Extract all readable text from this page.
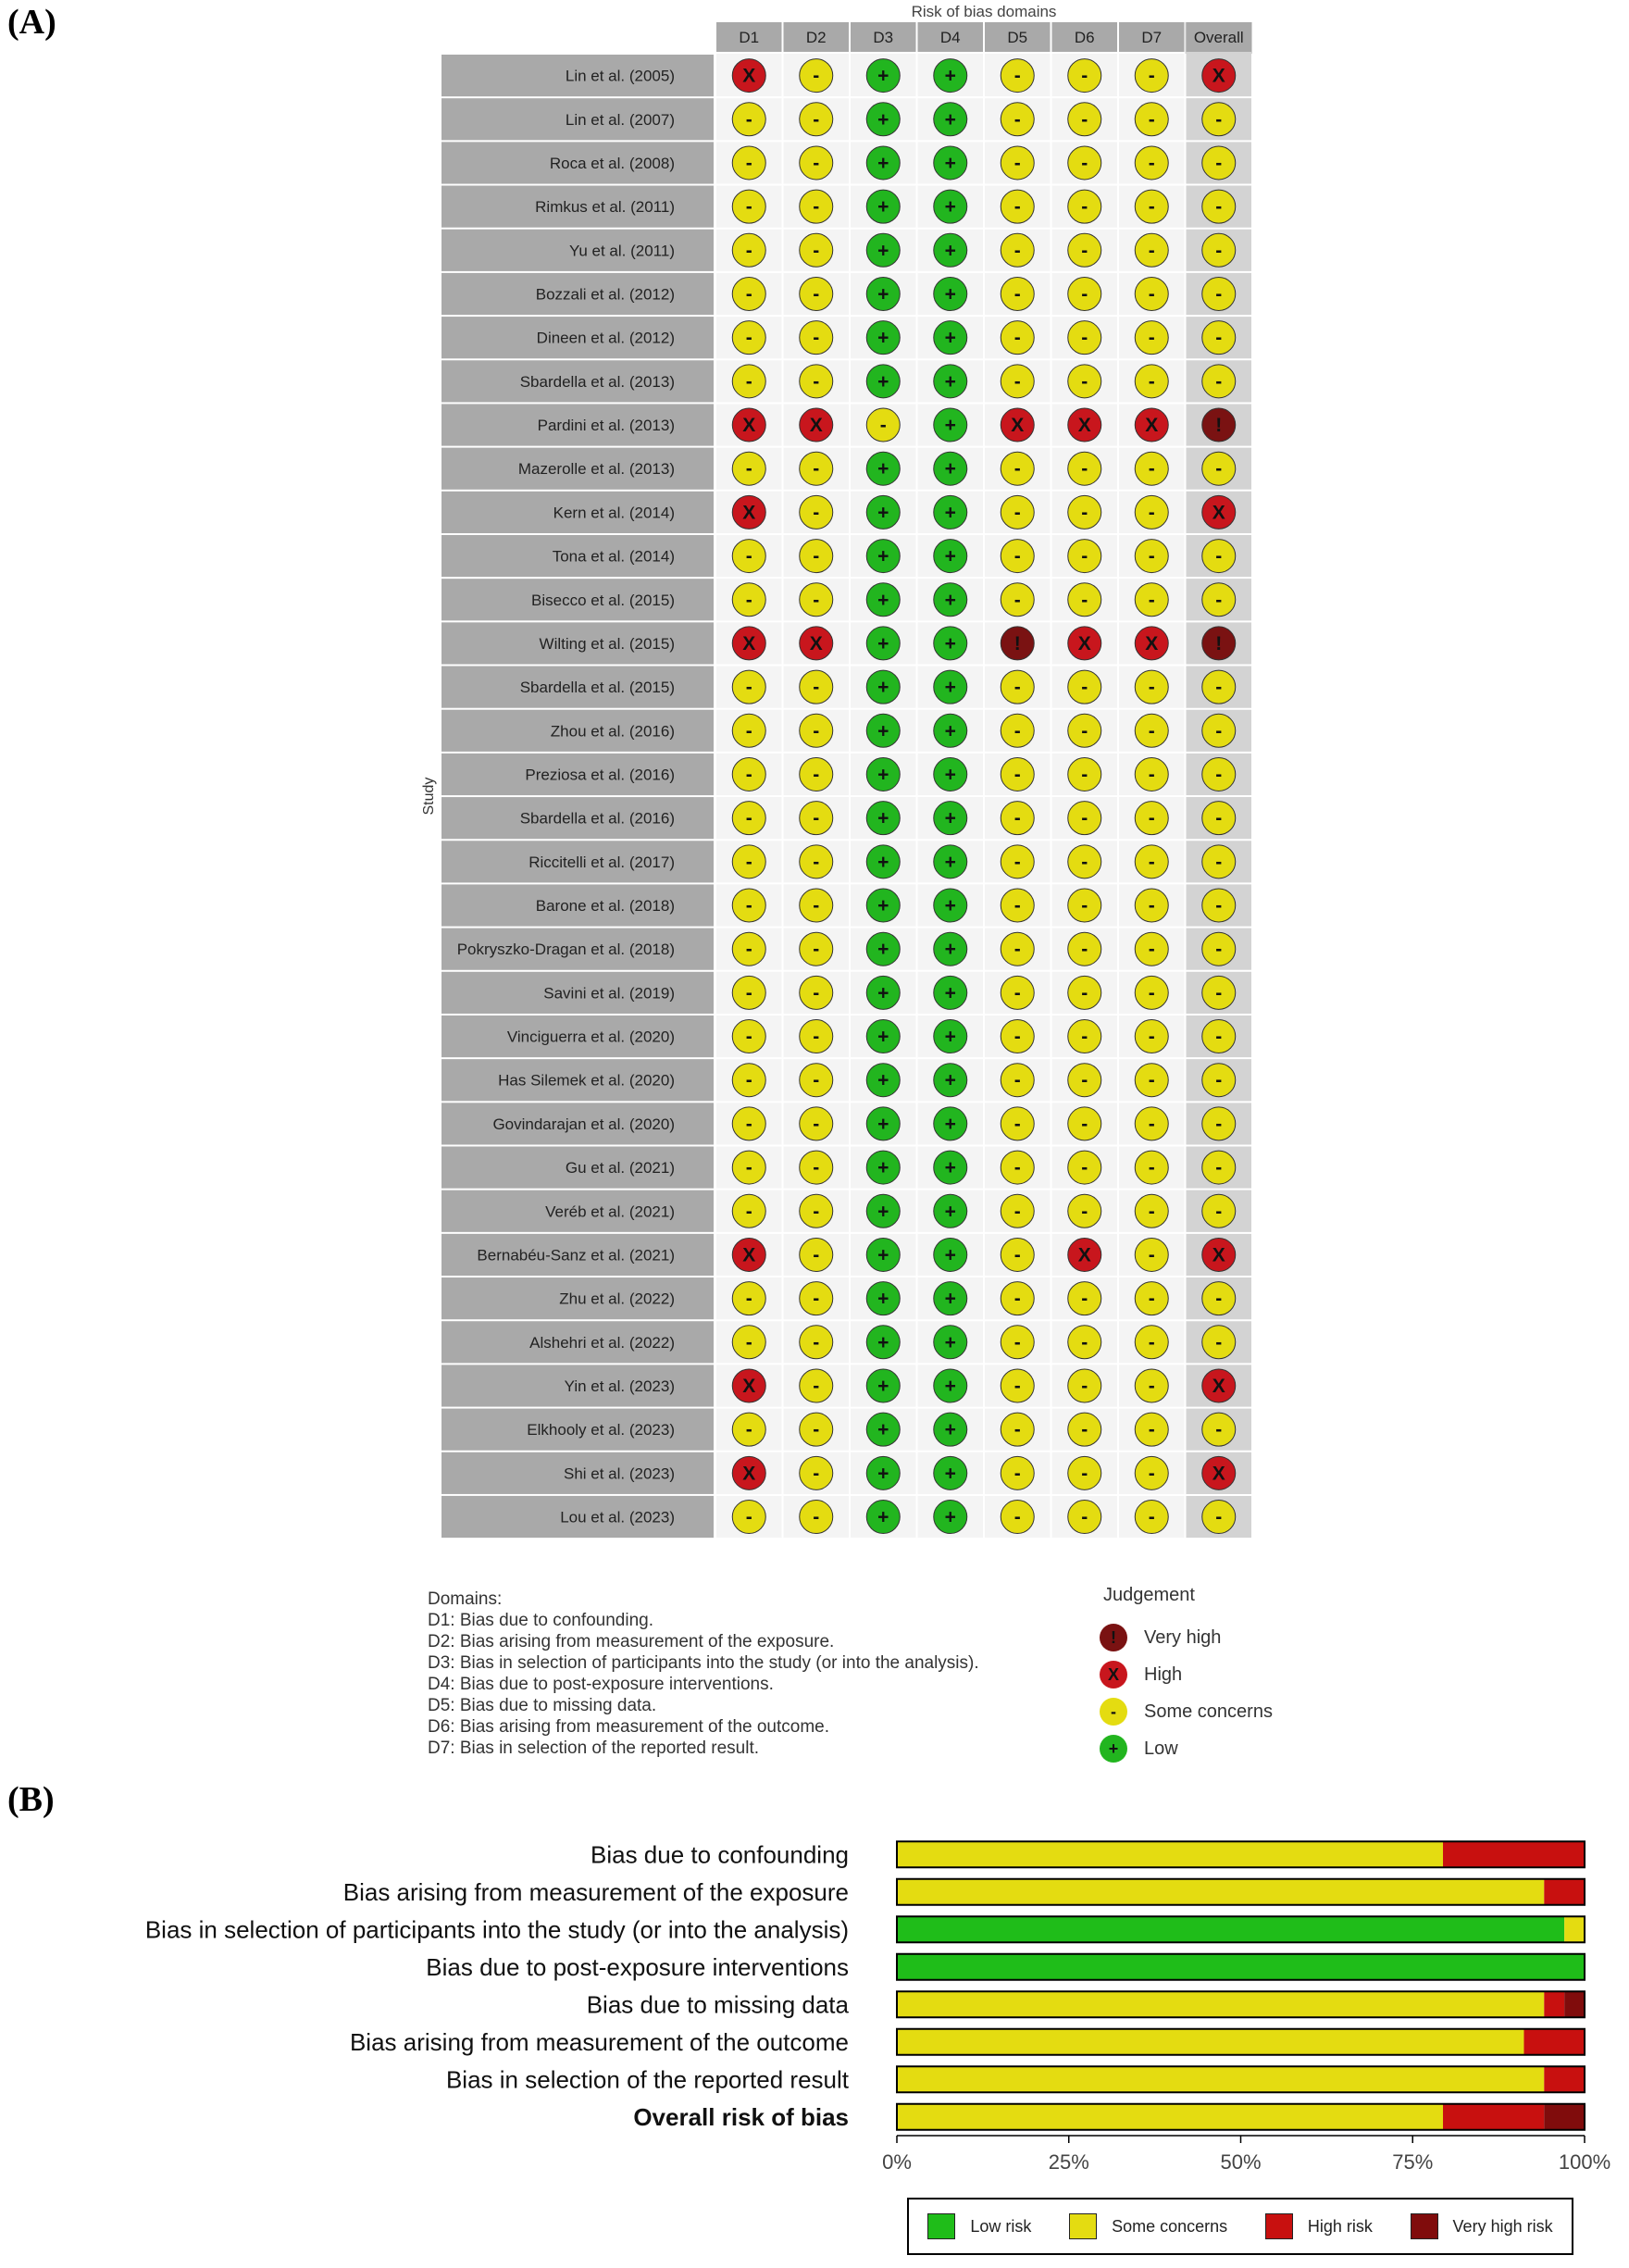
(A)
(B)
Risk of bias domains
D1	D2	D3	D4	D5	D6	D7 Overall
Study
Lin et al. (2005)	X	-	+	+	-	-	-	X
Lin et al. (2007)	-	-	+	+	-	-	-	-
Roca et al. (2008)	-	-	+	+	-	-	-	-
Rimkus et al. (2011)	-	-	+	+	-	-	-	-
Yu et al. (2011)	-	-	+	+	-	-	-	-
Bozzali et al. (2012)	-	-	+	+	-	-	-	-
Dineen et al. (2012)	-	-	+	+	-	-	-	-
Sbardella et al. (2013)	-	-	+	+	-	-	-	-
Pardini et al. (2013)	X	X	-	+	X	X	X	!
Mazerolle et al. (2013)	-	-	+	+	-	-	-	-
Kern et al. (2014)	X	-	+	+	-	-	-	X
Tona et al. (2014)	-	-	+	+	-	-	-	-
Bisecco et al. (2015)	-	-	+	+	-	-	-	-
Wilting et al. (2015)	X	X	+	+	!	X	X	!
Sbardella et al. (2015)	-	-	+	+	-	-	-	-
Zhou et al. (2016)	-	-	+	+	-	-	-	-
Preziosa et al. (2016)	-	-	+	+	-	-	-	-
Sbardella et al. (2016)	-	-	+	+	-	-	-	-
Riccitelli et al. (2017)	-	-	+	+	-	-	-	-
Barone et al. (2018)	-	-	+	+	-	-	-	-
Pokryszko-Dragan et al. (2018)	-	-	+	+	-	-	-	-
Savini et al. (2019)	-	-	+	+	-	-	-	-
Vinciguerra et al. (2020)	-	-	+	+	-	-	-	-
Has Silemek et al. (2020)	-	-	+	+	-	-	-	-
Govindarajan et al. (2020)	-	-	+	+	-	-	-	-
Gu et al. (2021)	-	-	+	+	-	-	-	-
Veréb et al. (2021)	-	-	+	+	-	-	-	-
Bernabéu-Sanz et al. (2021)	X	-	+	+	-	X	-	X
Zhu et al. (2022)	-	-	+	+	-	-	-	-
Alshehri et al. (2022)	-	-	+	+	-	-	-	-
Yin et al. (2023)	X	-	+	+	-	-	-	X
Elkhooly et al. (2023)	-	-	+	+	-	-	-	-
Shi et al. (2023)	X	-	+	+	-	-	-	X
Lou et al. (2023)	-	-	+	+	-	-	-	-
Domains:
D1: Bias due to confounding.
D2: Bias arising from measurement of the exposure.
D3: Bias in selection of participants into the study (or into the analysis).
D4: Bias due to post-exposure interventions.
D5: Bias due to missing data.
D6: Bias arising from measurement of the outcome.
D7: Bias in selection of the reported result.
Judgement
!	Very high
X	High
-	Some concerns
+	Low
Bias due to confounding
Bias arising from measurement of the exposure
Bias in selection of participants into the study (or into the analysis)
Bias due to post-exposure interventions
Bias due to missing data
Bias arising from measurement of the outcome
Bias in selection of the reported result
Overall risk of bias
0%	25%	50%	75%	100%
Low risk	Some concerns	High risk	Very high risk
